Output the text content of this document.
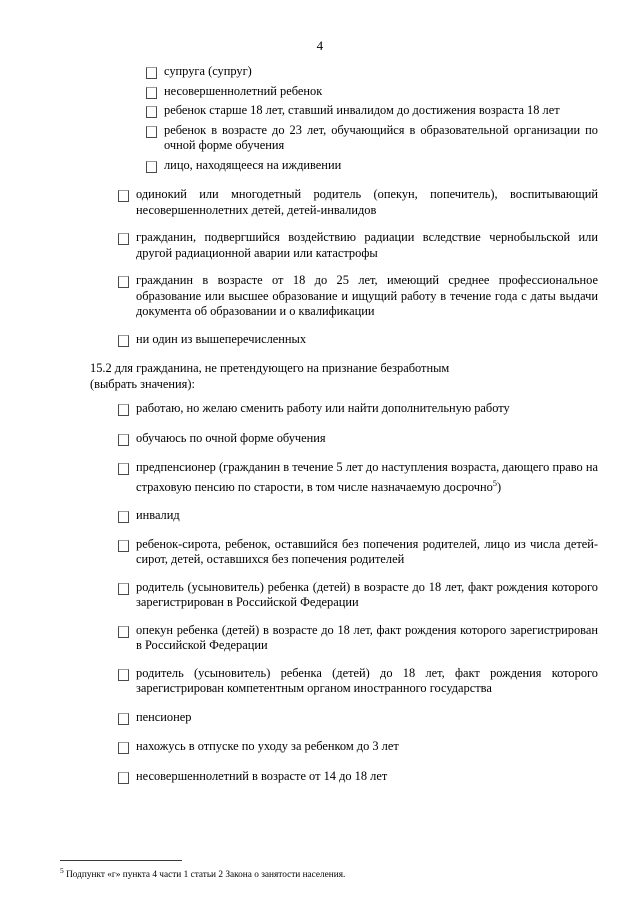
4
супруга (супруг)
несовершеннолетний ребенок
ребенок старше 18 лет, ставший инвалидом до достижения возраста 18 лет
ребенок в возрасте до 23 лет, обучающийся в образовательной организации по очной форме обучения
лицо, находящееся на иждивении
одинокий или многодетный родитель (опекун, попечитель), воспитывающий несовершеннолетних детей, детей-инвалидов
гражданин, подвергшийся воздействию радиации вследствие чернобыльской или другой радиационной аварии или катастрофы
гражданин в возрасте от 18 до 25 лет, имеющий среднее профессиональное образование или высшее образование и ищущий работу в течение года с даты выдачи документа об образовании и о квалификации
ни один из вышеперечисленных
15.2 для гражданина, не претендующего на признание безработным
(выбрать значения):
работаю, но желаю сменить работу или найти дополнительную работу
обучаюсь по очной форме обучения
предпенсионер (гражданин в течение 5 лет до наступления возраста, дающего право на страховую пенсию по старости, в том числе назначаемую досрочно$^5$)
инвалид
ребенок-сирота, ребенок, оставшийся без попечения родителей, лицо из числа детей-сирот, детей, оставшихся без попечения родителей
родитель (усыновитель) ребенка (детей) в возрасте до 18 лет, факт рождения которого зарегистрирован в Российской Федерации
опекун ребенка (детей) в возрасте до 18 лет, факт рождения которого зарегистрирован в Российской Федерации
родитель (усыновитель) ребенка (детей) до 18 лет, факт рождения которого зарегистрирован компетентным органом иностранного государства
пенсионер
нахожусь в отпуске по уходу за ребенком до 3 лет
несовершеннолетний в возрасте от 14 до 18 лет
$^5$ Подпункт «г» пункта 4 части 1 статьи 2 Закона о занятости населения.
